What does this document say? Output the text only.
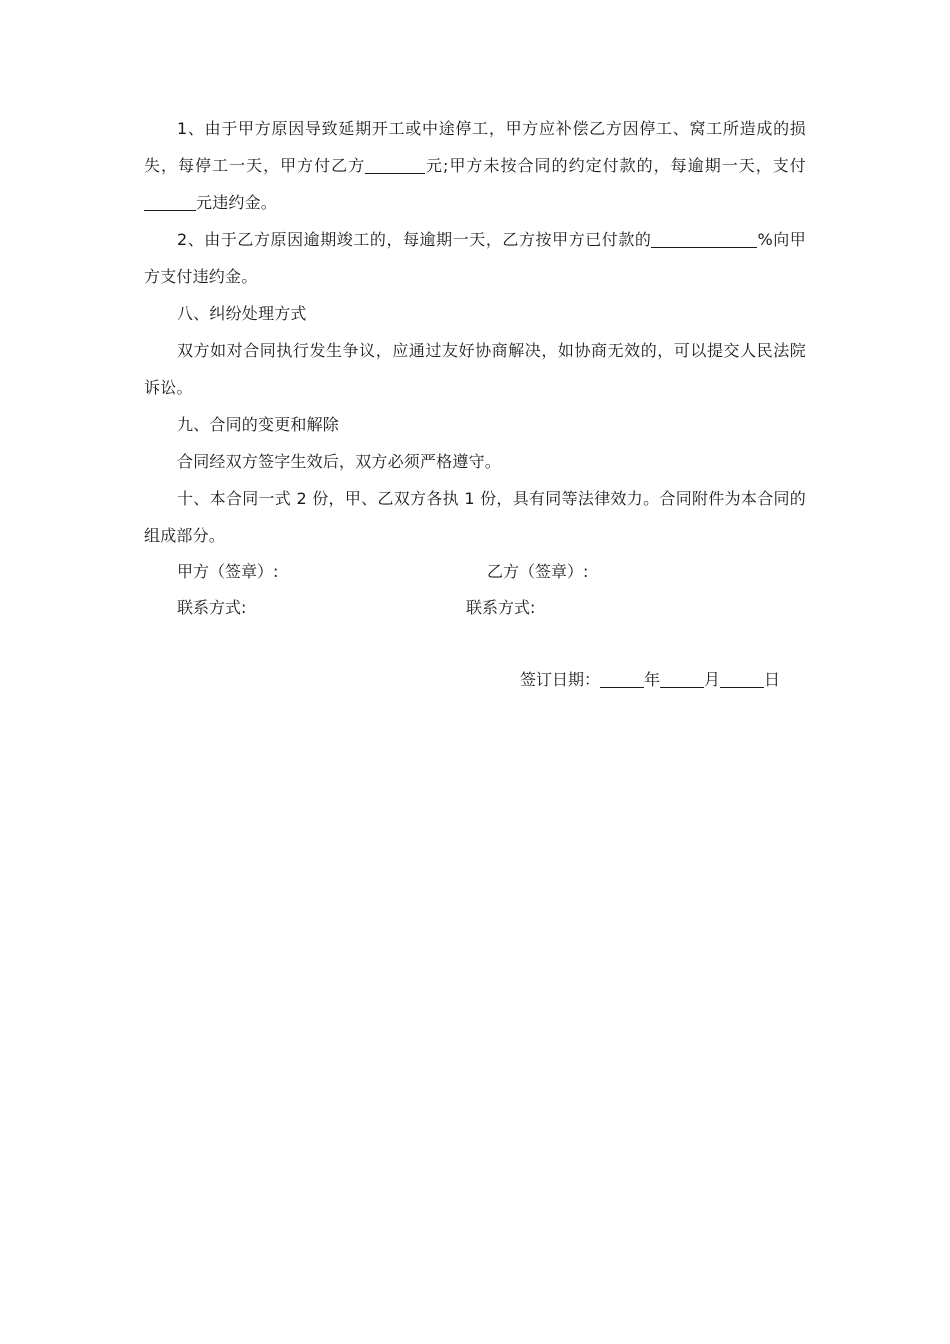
1、由于甲方原因导致延期开工或中途停工，甲方应补偿乙方因停工、窝工所造成的损失，每停工一天，甲方付乙方	元;甲方未按合同的约定付款的，每逾期一天，支付元违约金。

2、由于乙方原因逾期竣工的，每逾期一天，乙方按甲方已付款的	%向甲方支付违约金。

八、纠纷处理方式

双方如对合同执行发生争议，应通过友好协商解决，如协商无效的，可以提交人民法院诉讼。

九、合同的变更和解除

合同经双方签字生效后，双方必须严格遵守。

十、本合同一式 2 份，甲、乙双方各执 1 份，具有同等法律效力。合同附件为本合同的组成部分。

甲方（签章）:	乙方（签章）:
联系方式:	联系方式:
签订日期：	年	月	日
